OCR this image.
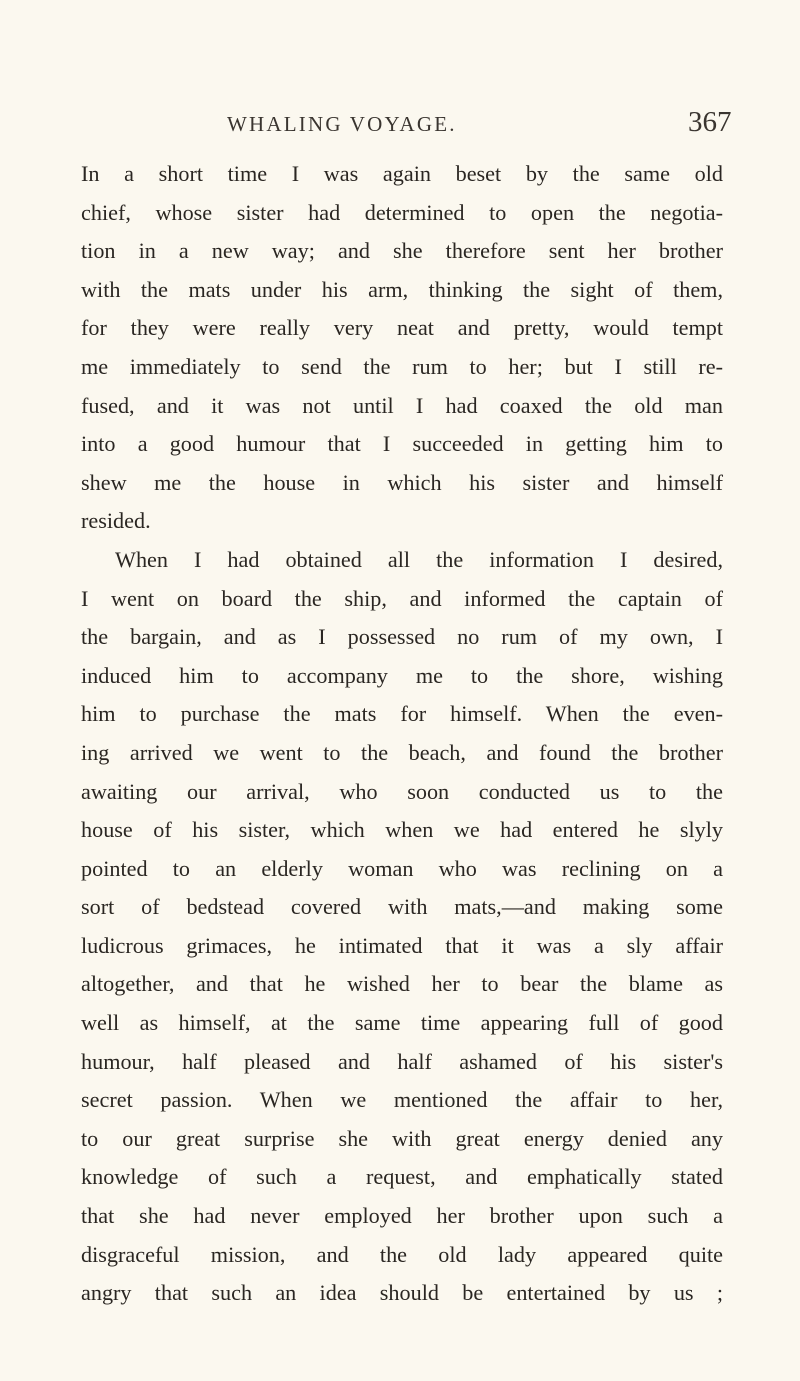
WHALING VOYAGE.	367
In a short time I was again beset by the same old
chief, whose sister had determined to open the negotia-
tion in a new way; and she therefore sent her brother
with the mats under his arm, thinking the sight of them,
for they were really very neat and pretty, would tempt
me immediately to send the rum to her; but I still re-
fused, and it was not until I had coaxed the old man
into a good humour that I succeeded in getting him to
shew me the house in which his sister and himself
resided.
When I had obtained all the information I desired,
I went on board the ship, and informed the captain of
the bargain, and as I possessed no rum of my own, I
induced him to accompany me to the shore, wishing
him to purchase the mats for himself. When the even-
ing arrived we went to the beach, and found the brother
awaiting our arrival, who soon conducted us to the
house of his sister, which when we had entered he slyly
pointed to an elderly woman who was reclining on a
sort of bedstead covered with mats,—and making some
ludicrous grimaces, he intimated that it was a sly affair
altogether, and that he wished her to bear the blame as
well as himself, at the same time appearing full of good
humour, half pleased and half ashamed of his sister's
secret passion. When we mentioned the affair to her,
to our great surprise she with great energy denied any
knowledge of such a request, and emphatically stated
that she had never employed her brother upon such a
disgraceful mission, and the old lady appeared quite
angry that such an idea should be entertained by us ;
